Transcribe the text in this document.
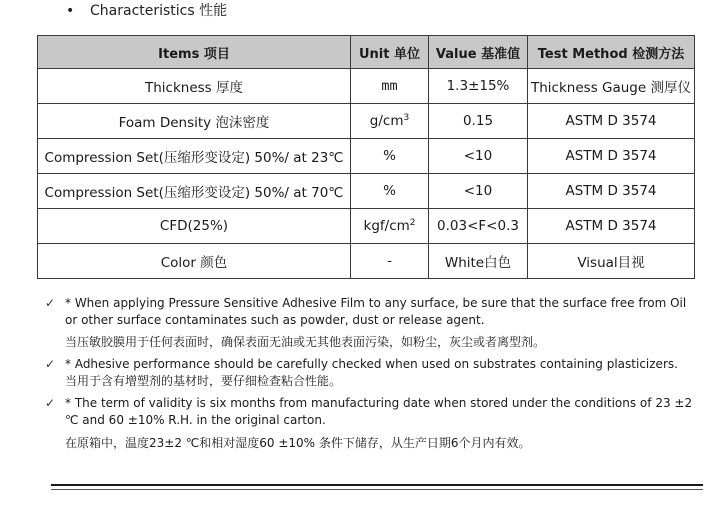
• Characteristics 性能
Items 项目	Unit 单位	Value 基准值	Test Method 检测方法
Thickness 厚度	mm	1.3±15%	Thickness Gauge 测厚仪
Foam Density 泡沫密度	$g/cm^3$	0.15	ASTM D 3574
Compression Set(压缩形变设定) 50%/ at 23℃	%	<10	ASTM D 3574
Compression Set(压缩形变设定) 50%/ at 70℃	%	<10	ASTM D 3574
CFD(25%)	kgf/$cm^2$	0.03<F<0.3	ASTM D 3574
Color 颜色	-	White白色	Visual目视
✓ * When applying Pressure Sensitive Adhesive Film to any surface, be sure that the surface free from Oil or other surface contaminates such as powder, dust or release agent.

当压敏胶膜用于任何表面时，确保表面无油或无其他表面污染，如粉尘，灰尘或者离型剂。

✓ * Adhesive performance should be carefully checked when used on substrates containing plasticizers.

当用于含有增塑剂的基材时，要仔细检查粘合性能。

✓ * The term of validity is six months from manufacturing date when stored under the conditions of 23 ±2 ℃ and 60 ±10% R.H. in the original carton.

在原箱中，温度23±2 ℃和相对湿度60 ±10% 条件下储存，从生产日期6个月内有效。
